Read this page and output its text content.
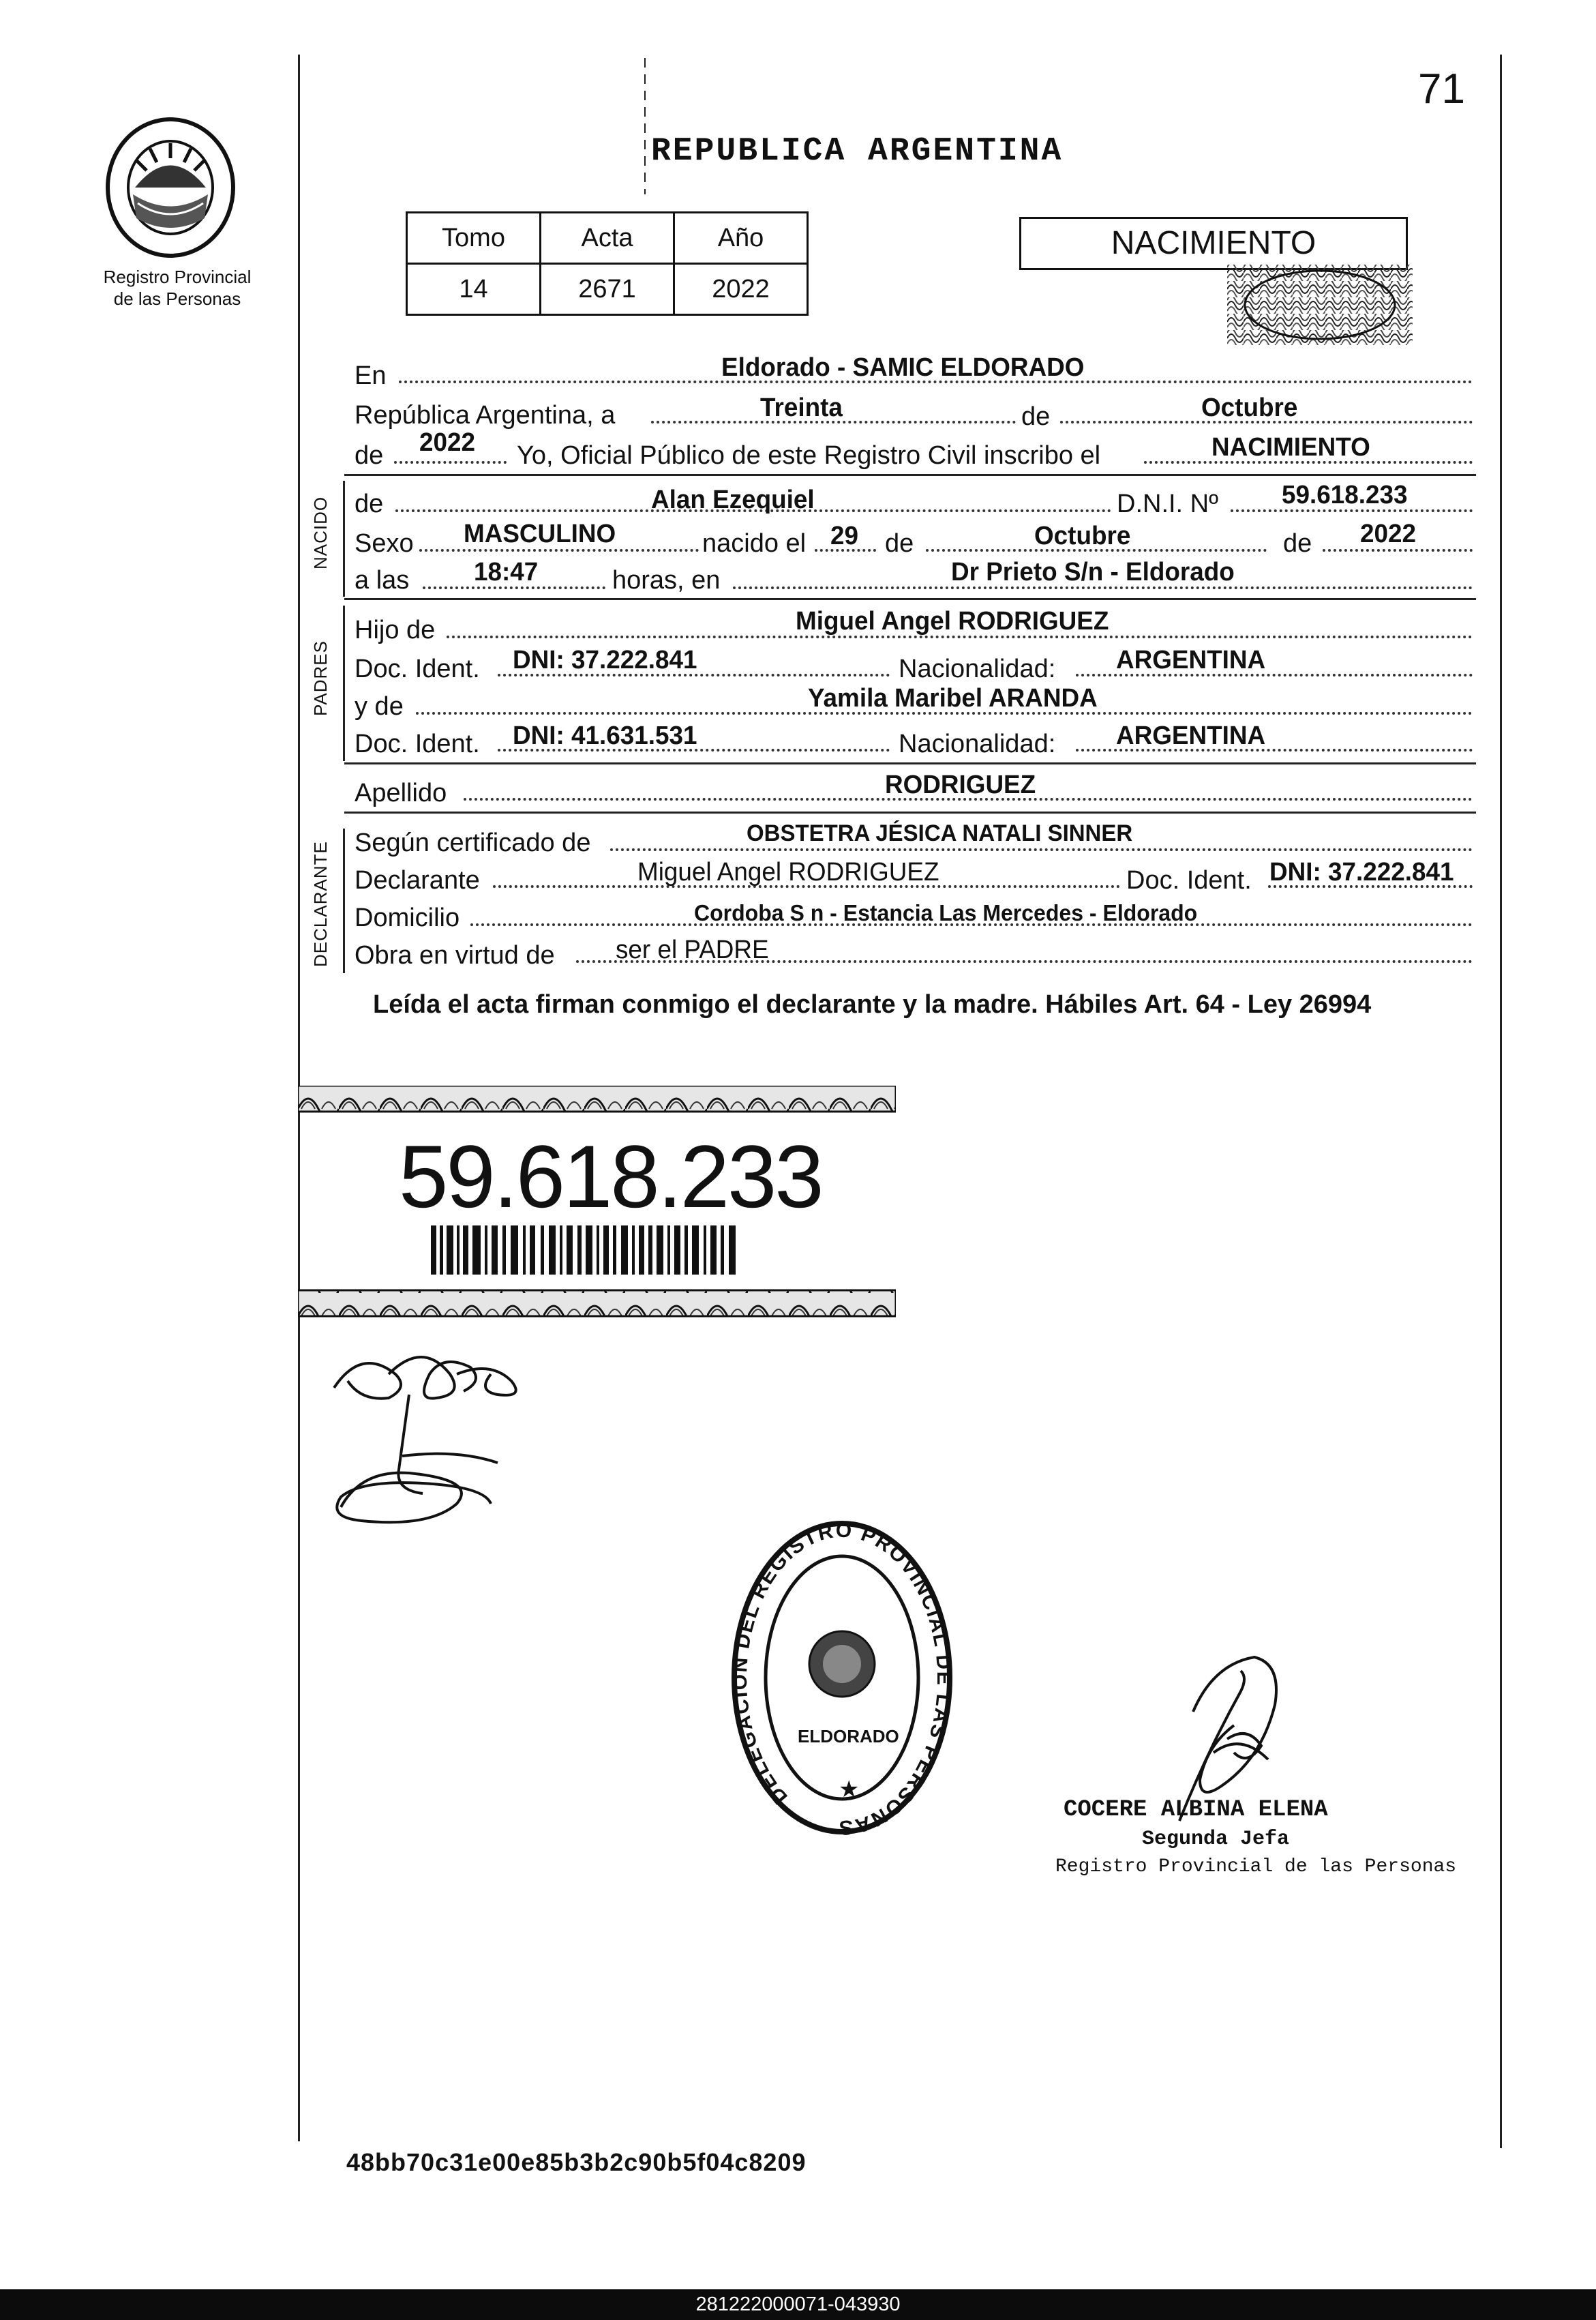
Registro Provincial
de las Personas
71
REPUBLICA ARGENTINA
Tomo	Acta	Año
14	2671	2022
NACIMIENTO
En	Eldorado - SAMIC ELDORADO
República Argentina, a	Treinta	de	Octubre
de 2022 Yo, Oficial Público de este Registro Civil inscribo el	NACIMIENTO
NACIDO de	Alan Ezequiel	D.N.I. Nº 59.618.233
Sexo MASCULINO	nacido el 29 de	Octubre	de 2022
a las 18:47	horas, en	Dr Prieto S/n - Eldorado
PADRES
Hijo de	Miguel Angel RODRIGUEZ
Doc. Ident. DNI: 37.222.841	Nacionalidad: ARGENTINA
y de	Yamila Maribel ARANDA
Doc. Ident. DNI: 41.631.531	Nacionalidad: ARGENTINA
Apellido	RODRIGUEZ
DECLARANTE Según certificado de	OBSTETRA JÉSICA NATALI SINNER
Declarante	Miguel Angel RODRIGUEZ	Doc. Ident. DNI: 37.222.841
Domicilio	Cordoba S n - Estancia Las Mercedes - Eldorado
Obra en virtud de ser el PADRE
Leída el acta firman conmigo el declarante y la madre. Hábiles Art. 64 - Ley 26994
59.618.233
DELEGACION DEL REGISTRO PROVINCIAL DE LAS PERSONAS
ELDORADO
★
COCERE ALBINA ELENA
Segunda Jefa
Registro Provincial de las Personas
48bb70c31e00e85b3b2c90b5f04c8209
281222000071-043930
